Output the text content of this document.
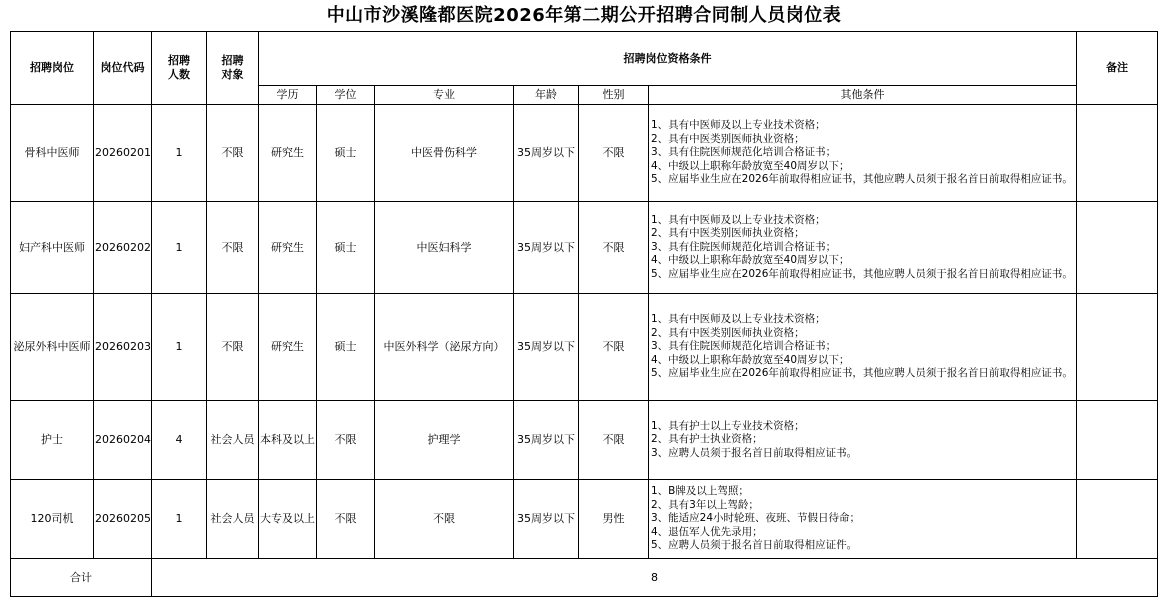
中山市沙溪隆都医院2026年第二期公开招聘合同制人员岗位表
招聘岗位	岗位代码	招聘人数	招聘对象	招聘岗位资格条件						备注
				学历	学位	专业	年龄	性别	其他条件	
骨科中医师	20260201	1	不限	研究生	硕士	中医骨伤科学	35周岁以下	不限	1、具有中医师及以上专业技术资格；
2、具有中医类别医师执业资格；
3、具有住院医师规范化培训合格证书；
4、中级以上职称年龄放宽至40周岁以下；
5、应届毕业生应在2026年前取得相应证书，其他应聘人员须于报名首日前取得相应证书。	

妇产科中医师	20260202	1	不限	研究生	硕士	中医妇科学	35周岁以下	不限	1、具有中医师及以上专业技术资格；
2、具有中医类别医师执业资格；
3、具有住院医师规范化培训合格证书；
4、中级以上职称年龄放宽至40周岁以下；
5、应届毕业生应在2026年前取得相应证书，其他应聘人员须于报名首日前取得相应证书。	

泌尿外科中医师	20260203	1	不限	研究生	硕士	中医外科学（泌尿方向）	35周岁以下	不限	1、具有中医师及以上专业技术资格；
2、具有中医类别医师执业资格；
3、具有住院医师规范化培训合格证书；
4、中级以上职称年龄放宽至40周岁以下；
5、应届毕业生应在2026年前取得相应证书，其他应聘人员须于报名首日前取得相应证书。	

护士	20260204	4	社会人员	本科及以上	不限	护理学	35周岁以下	不限	1、具有护士以上专业技术资格；
2、具有护士执业资格；
3、应聘人员须于报名首日前取得相应证书。	

120司机	20260205	1	社会人员	大专及以上	不限	不限	35周岁以下	男性	1、B牌及以上驾照；
2、具有3年以上驾龄；
3、能适应24小时轮班、夜班、节假日待命；
4、退伍军人优先录用；
5、应聘人员须于报名首日前取得相应证件。	

合计		8								
